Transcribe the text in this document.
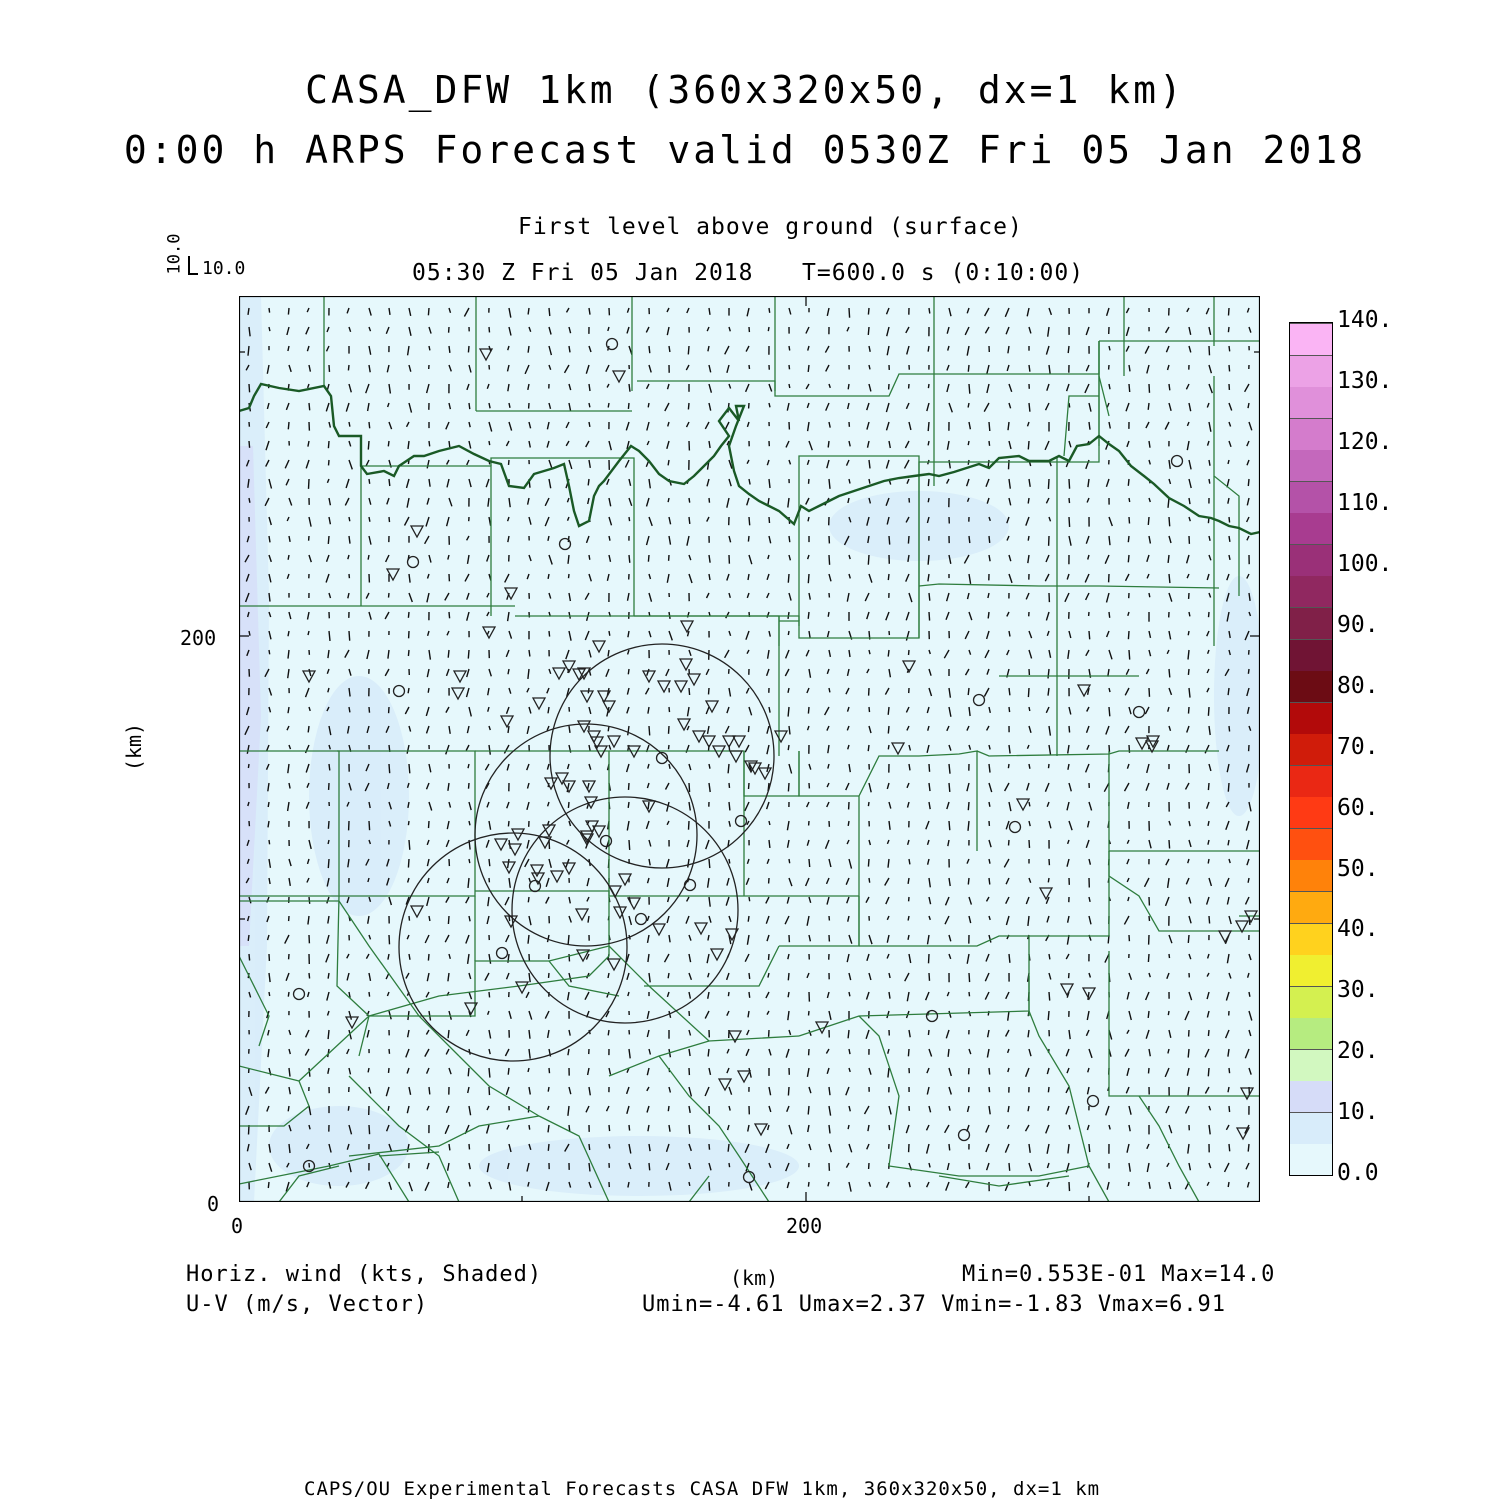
CASA_DFW 1km (360x320x50, dx=1 km)
0:00 h ARPS Forecast valid 0530Z Fri 05 Jan 2018
First level above ground (surface)
05:30 Z Fri 05 Jan 2018 T=600.0 s (0:10:00)
10.0 10.0
(km)
200
0
0	200
0.0
10.
20.
30.
40.
50.
60.
70.
80.
90.
100.
110.
120.
130.
140.
Horiz. wind (kts, Shaded)
U-V (m/s, Vector)
(km)	Min=0.553E-01 Max=14.0
Umin=-4.61 Umax=2.37 Vmin=-1.83 Vmax=6.91
CAPS/OU Experimental Forecasts CASA DFW 1km, 360x320x50, dx=1 km
